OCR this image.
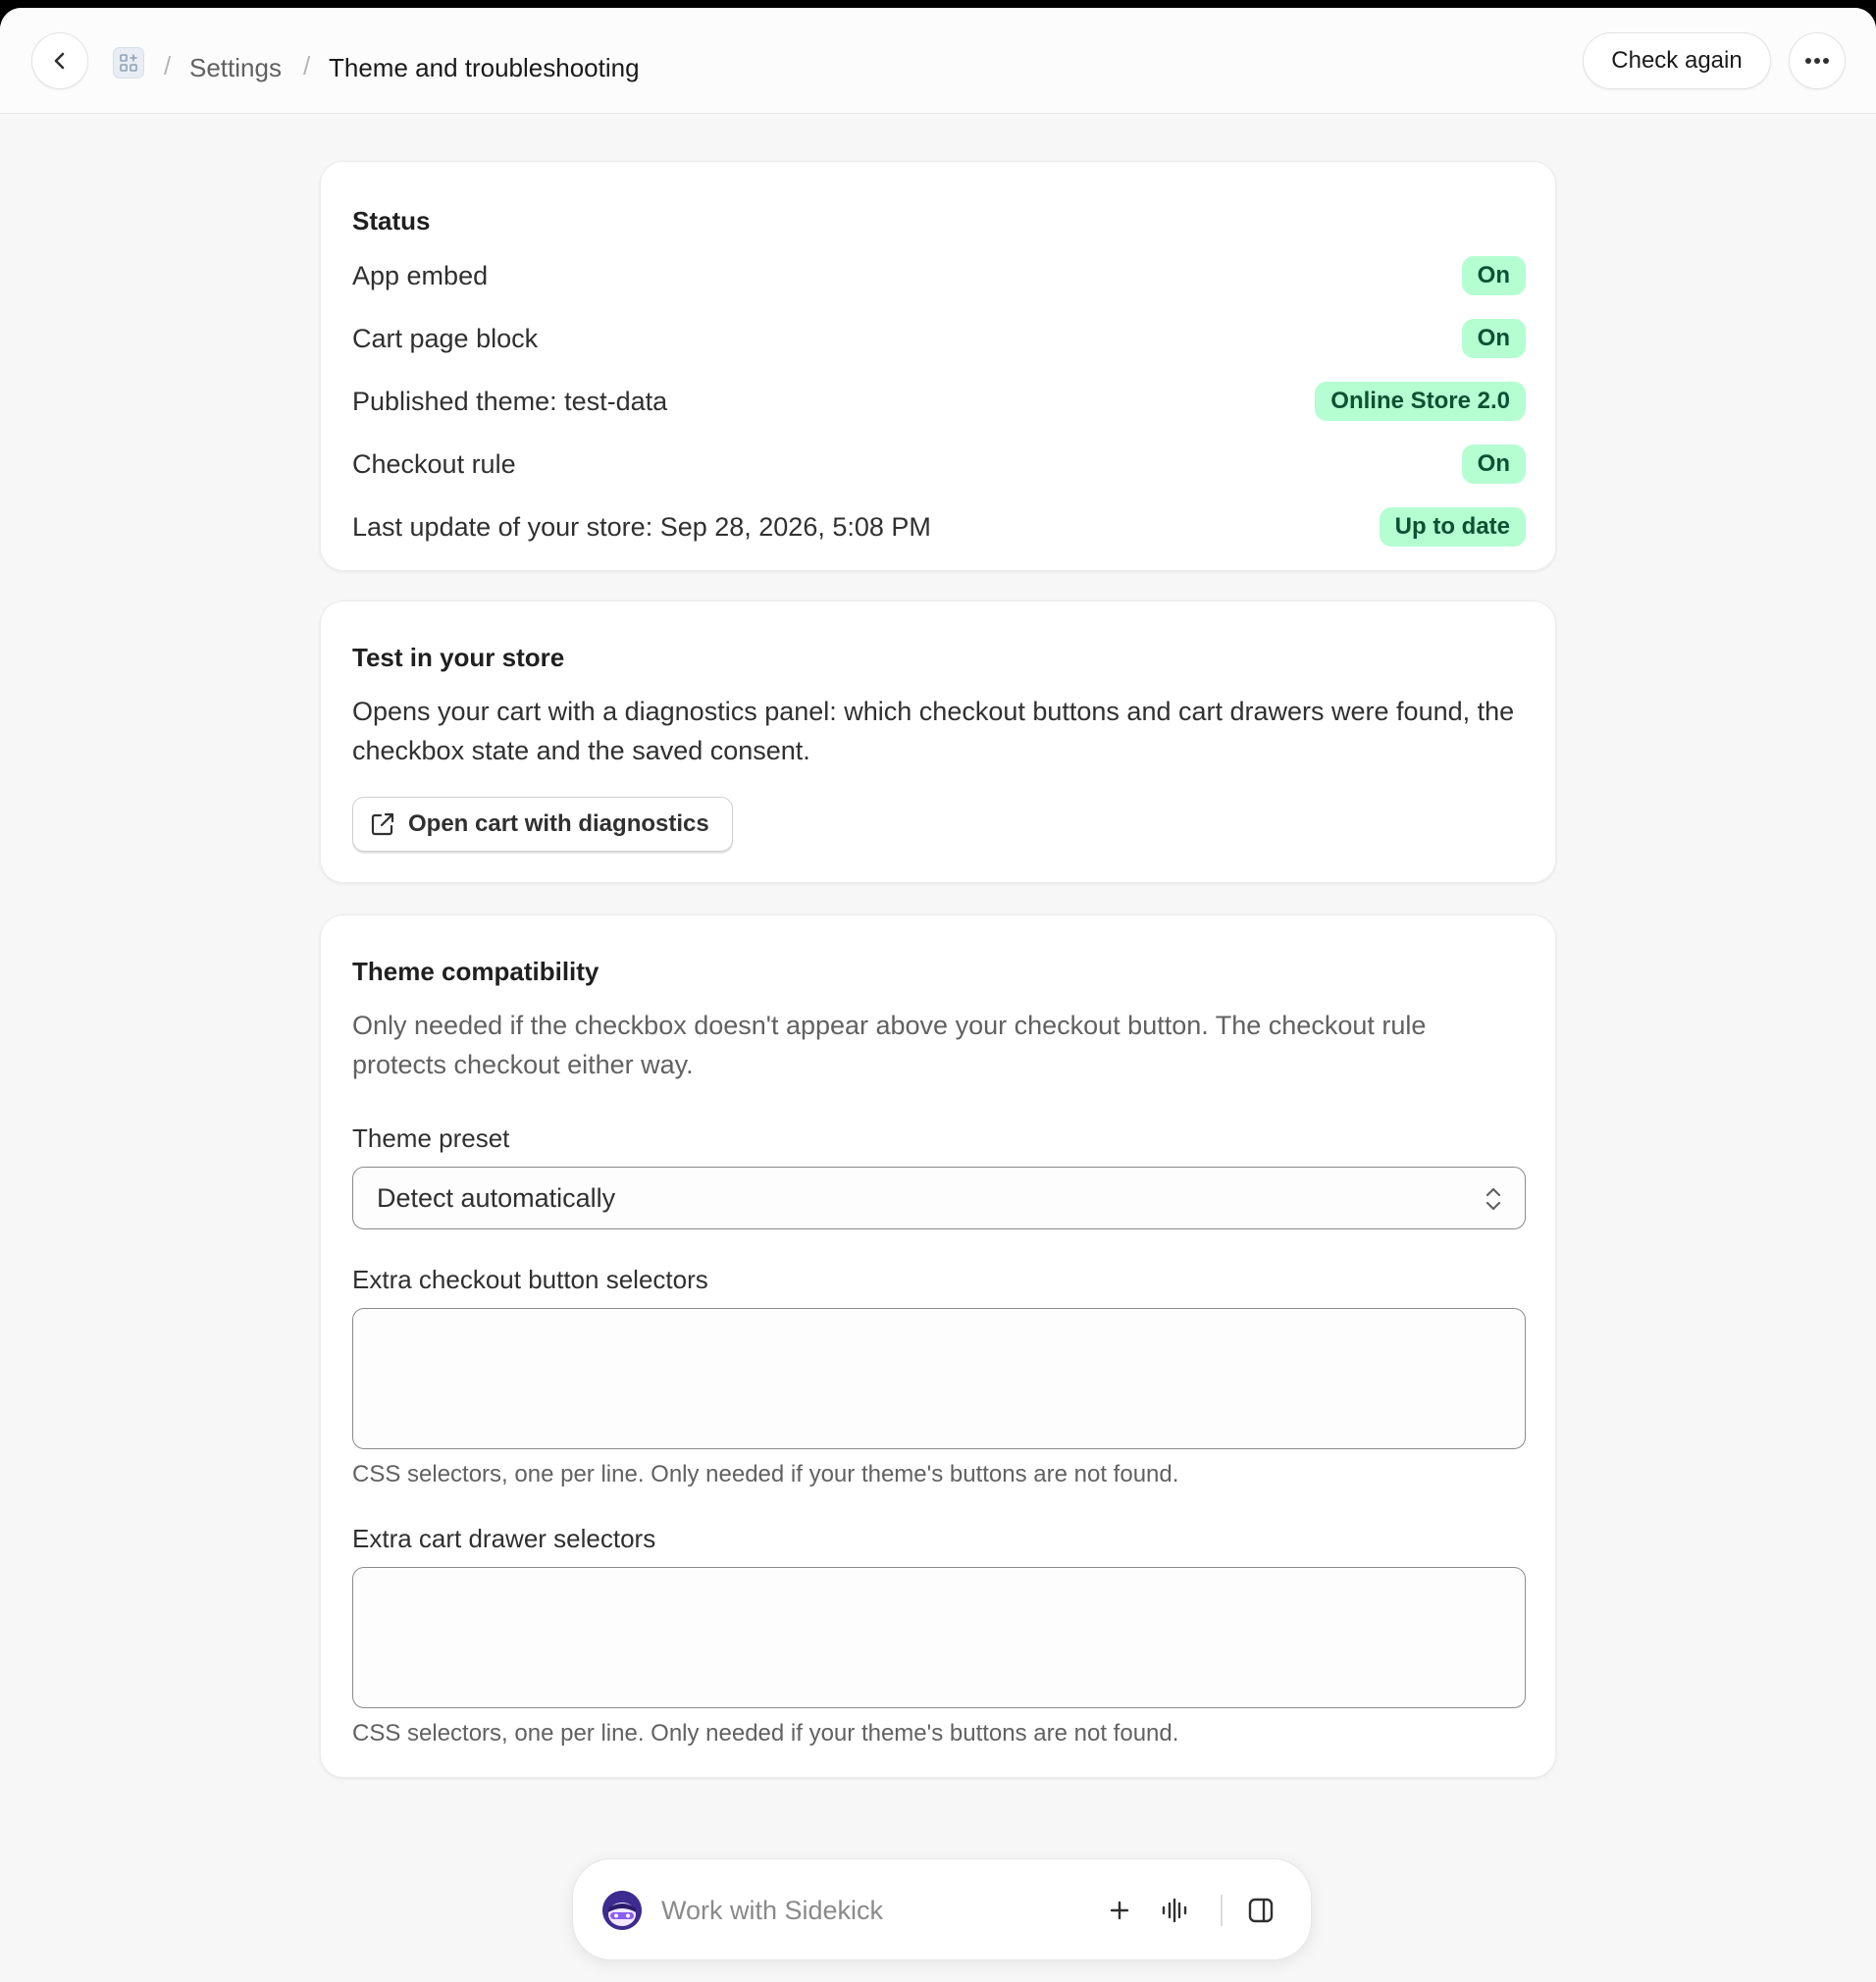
/ Settings / Theme and troubleshooting	Check again
Status
App embed	On
Cart page block	On
Published theme: test-data	Online Store 2.0
Checkout rule	On
Last update of your store: Sep 28, 2026, 5:08 PM	Up to date
Test in your store
Opens your cart with a diagnostics panel: which checkout buttons and cart drawers were found, the checkbox state and the saved consent.
Open cart with diagnostics
Theme compatibility
Only needed if the checkbox doesn't appear above your checkout button. The checkout rule protects checkout either way.
Theme preset
Detect automatically
Extra checkout button selectors
CSS selectors, one per line. Only needed if your theme's buttons are not found.
Extra cart drawer selectors
CSS selectors, one per line. Only needed if your theme's buttons are not found.
Work with Sidekick
